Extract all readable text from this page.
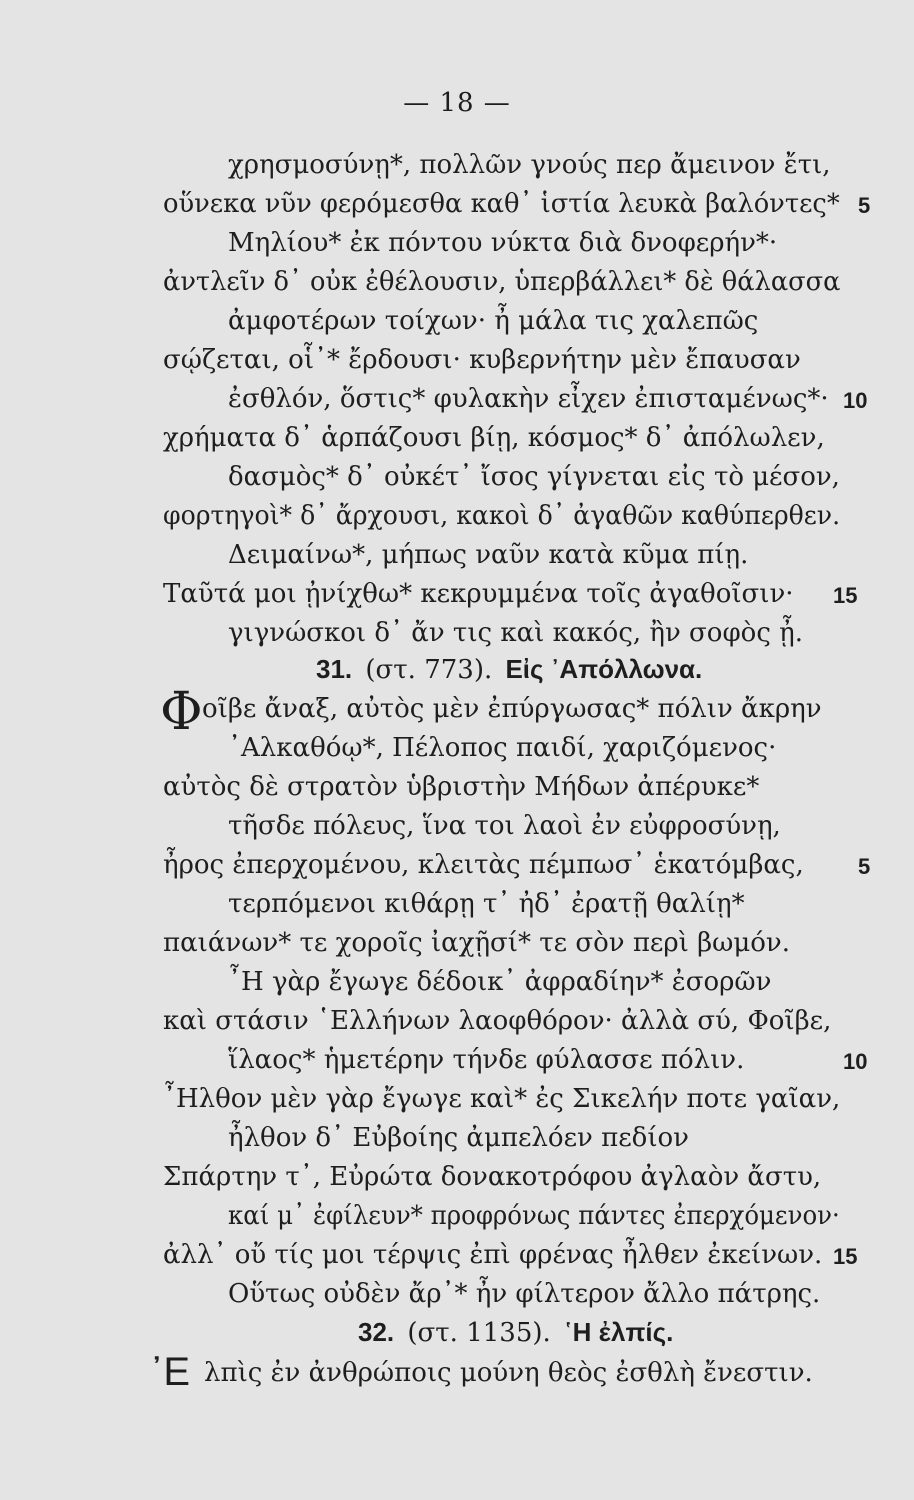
— 18 —
χρησμοσύνῃ*, πολλῶν γνούς περ ἄμεινον ἔτι,
οὕνεκα νῦν φερόμεσθα καθ᾽ ἱστία λευκὰ βαλόντες*
Μηλίου* ἐκ πόντου νύκτα διὰ δνοφερήν*·
ἀντλεῖν δ᾽ οὐκ ἐθέλουσιν, ὑπερβάλλει* δὲ θάλασσα
ἀμφοτέρων τοίχων· ἦ μάλα τις χαλεπῶς
σῴζεται, οἷ᾽* ἔρδουσι· κυβερνήτην μὲν ἔπαυσαν
ἐσθλόν, ὅστις* φυλακὴν εἶχεν ἐπισταμένως*·
χρήματα δ᾽ ἁρπάζουσι βίῃ, κόσμος* δ᾽ ἀπόλωλεν,
δασμὸς* δ᾽ οὐκέτ᾽ ἴσος γίγνεται εἰς τὸ μέσον,
φορτηγοὶ* δ᾽ ἄρχουσι, κακοὶ δ᾽ ἀγαθῶν καθύπερθεν.
Δειμαίνω*, μήπως ναῦν κατὰ κῦμα πίῃ.
Ταῦτά μοι ᾐνίχθω* κεκρυμμένα τοῖς ἀγαθοῖσιν·
γιγνώσκοι δ᾽ ἄν τις καὶ κακός, ἢν σοφὸς ᾖ.
5
10
15
31. (στ. 773). Εἰς ᾿Απόλλωνα.
Φ οῖβε ἄναξ, αὐτὸς μὲν ἐπύργωσας* πόλιν ἄκρην
᾿Αλκαθόῳ*, Πέλοπος παιδί, χαριζόμενος·
αὐτὸς δὲ στρατὸν ὑβριστὴν Μήδων ἀπέρυκε*
τῆσδε πόλευς, ἵνα τοι λαοὶ ἐν εὐφροσύνῃ,
ἦρος ἐπερχομένου, κλειτὰς πέμπωσ᾽ ἑκατόμβας,
τερπόμενοι κιθάρῃ τ᾽ ἠδ᾽ ἐρατῇ θαλίῃ*
παιάνων* τε χοροῖς ἰαχῇσί* τε σὸν περὶ βωμόν.
῏Η γὰρ ἔγωγε δέδοικ᾽ ἀφραδίην* ἐσορῶν
καὶ στάσιν ῾Ελλήνων λαοφθόρον· ἀλλὰ σύ, Φοῖβε,
ἵλαος* ἡμετέρην τήνδε φύλασσε πόλιν.
῏Ηλθον μὲν γὰρ ἔγωγε καὶ* ἐς Σικελήν ποτε γαῖαν,
ἦλθον δ᾽ Εὐβοίης ἀμπελόεν πεδίον
Σπάρτην τ᾽, Εὐρώτα δονακοτρόφου ἀγλαὸν ἄστυ,
καί μ᾽ ἐφίλευν* προφρόνως πάντες ἐπερχόμενον·
ἀλλ᾽ οὔ τίς μοι τέρψις ἐπὶ φρένας ἦλθεν ἐκείνων.
Οὕτως οὐδὲν ἄρ᾽* ἦν φίλτερον ἄλλο πάτρης.
5
10
15
32. (στ. 1135). ῾Η ἐλπίς.
᾿Ε λπὶς ἐν ἀνθρώποις μούνη θεὸς ἐσθλὴ ἔνεστιν.
